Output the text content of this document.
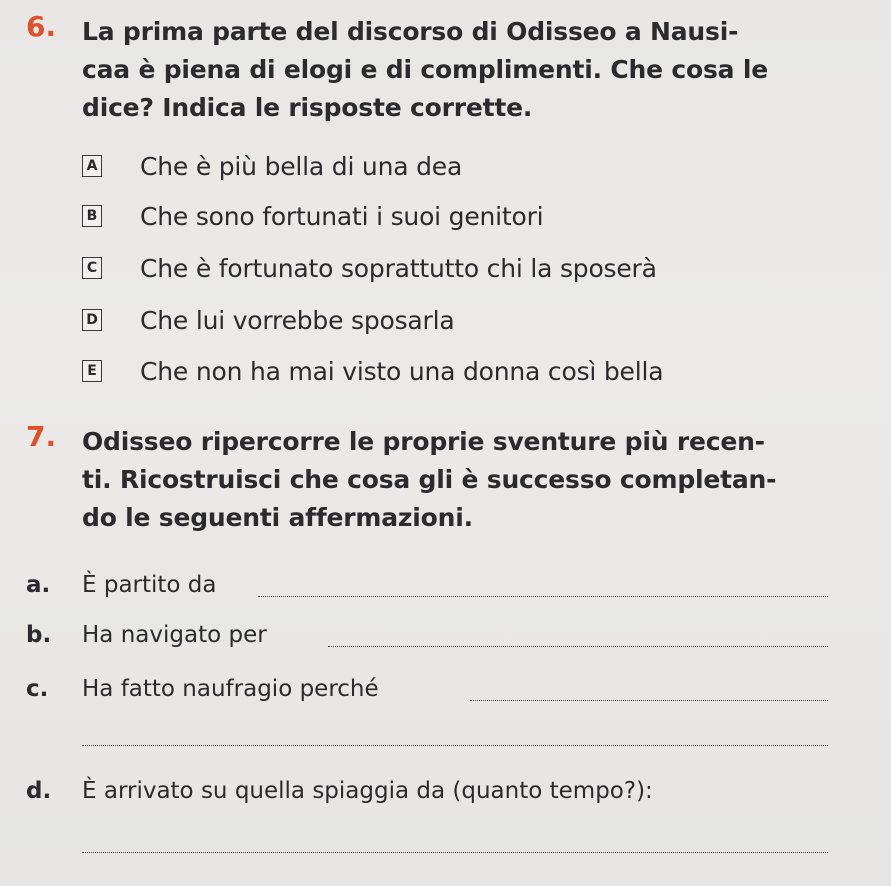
6. La prima parte del discorso di Odisseo a Nausi-
caa è piena di elogi e di complimenti. Che cosa le
dice? Indica le risposte corrette.
A Che è più bella di una dea
B Che sono fortunati i suoi genitori
C Che è fortunato soprattutto chi la sposerà
D Che lui vorrebbe sposarla
E Che non ha mai visto una donna così bella
7. Odisseo ripercorre le proprie sventure più recen-
ti. Ricostruisci che cosa gli è successo completan-
do le seguenti affermazioni.
a.	È partito da
b.	Ha navigato per
c.	Ha fatto naufragio perché
d.	È arrivato su quella spiaggia da (quanto tempo?):
